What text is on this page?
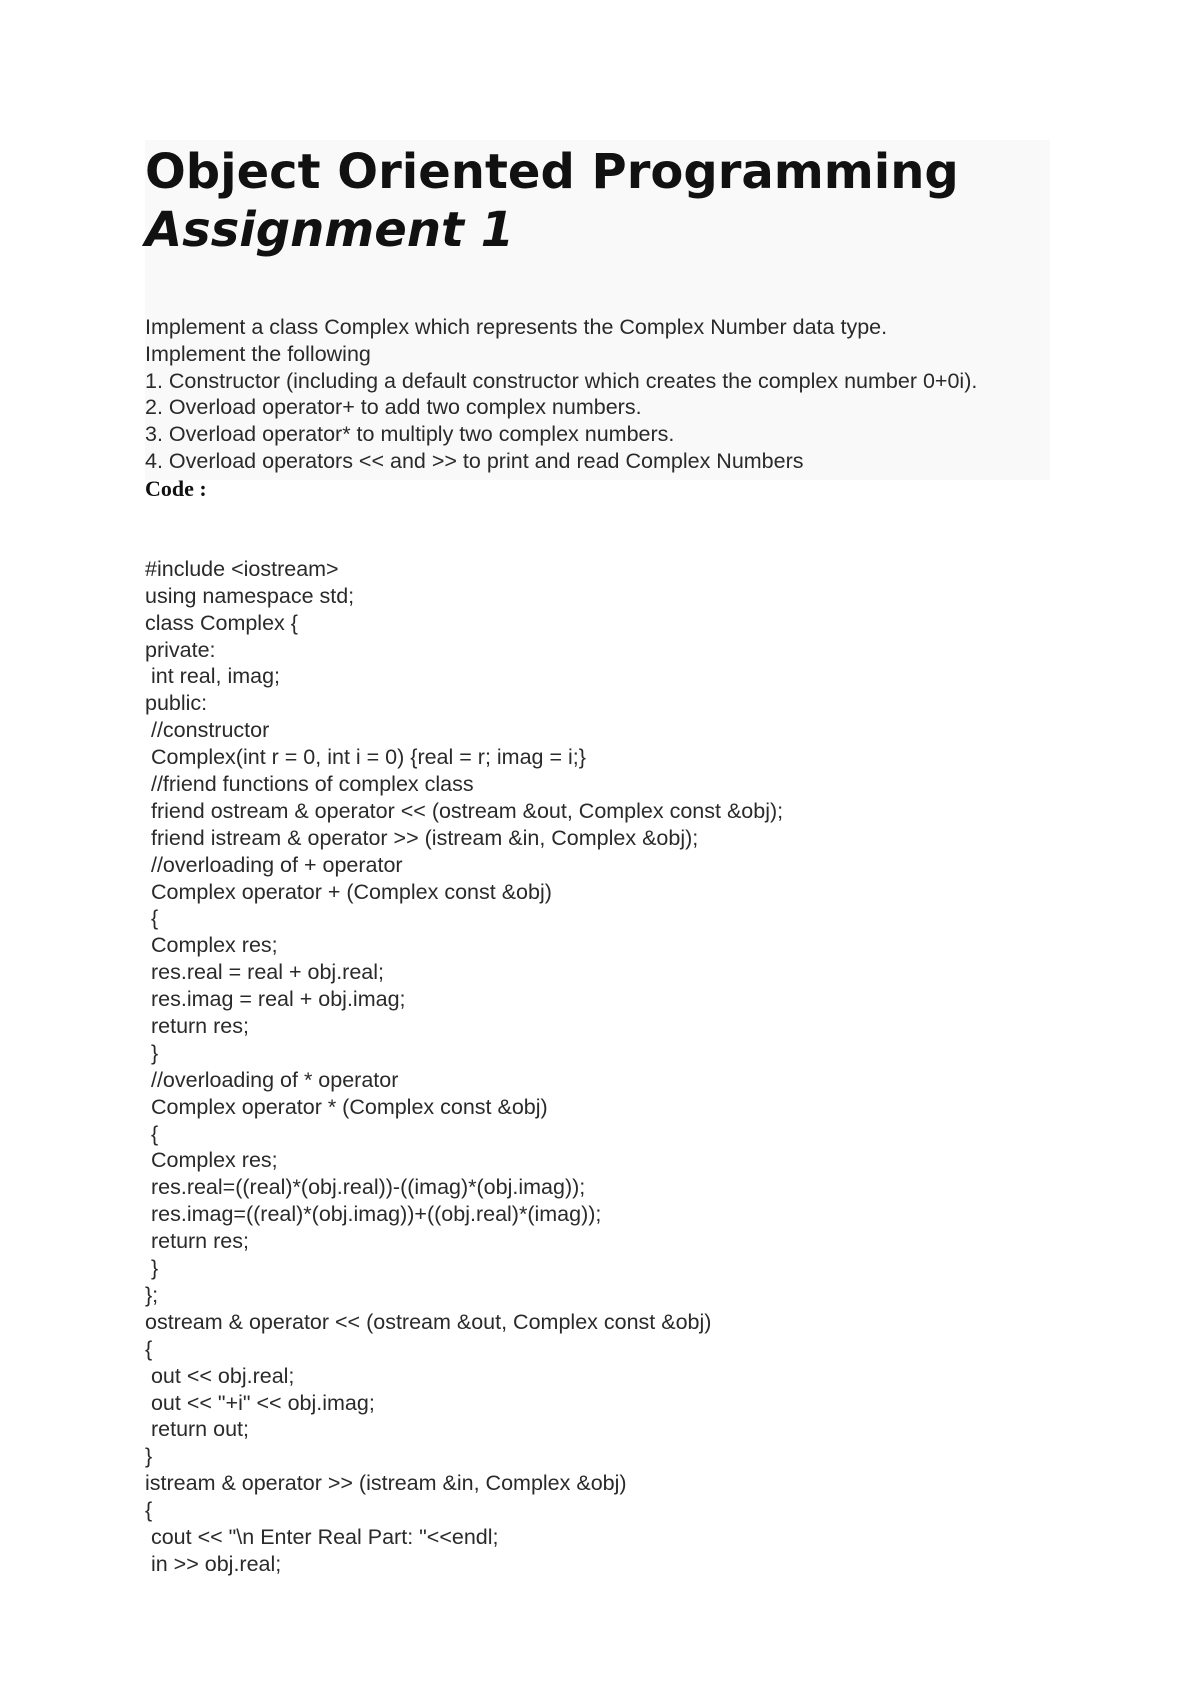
Object Oriented Programming
Assignment 1
Implement a class Complex which represents the Complex Number data type.
Implement the following
1. Constructor (including a default constructor which creates the complex number 0+0i).
2. Overload operator+ to add two complex numbers.
3. Overload operator* to multiply two complex numbers.
4. Overload operators << and >> to print and read Complex Numbers
Code :
#include <iostream>
using namespace std;
class Complex {
private:
int real, imag;
public:
//constructor
Complex(int r = 0, int i = 0) {real = r; imag = i;}
//friend functions of complex class
friend ostream & operator << (ostream &out, Complex const &obj);
friend istream & operator >> (istream &in, Complex &obj);
//overloading of + operator
Complex operator + (Complex const &obj)
{
Complex res;
res.real = real + obj.real;
res.imag = real + obj.imag;
return res;
}
//overloading of * operator
Complex operator * (Complex const &obj)
{
Complex res;
res.real=((real)*(obj.real))-((imag)*(obj.imag));
res.imag=((real)*(obj.imag))+((obj.real)*(imag));
return res;
}
};
ostream & operator << (ostream &out, Complex const &obj)
{
out << obj.real;
out << "+i" << obj.imag;
return out;
}
istream & operator >> (istream &in, Complex &obj)
{
cout << "\n Enter Real Part: "<<endl;
in >> obj.real;
